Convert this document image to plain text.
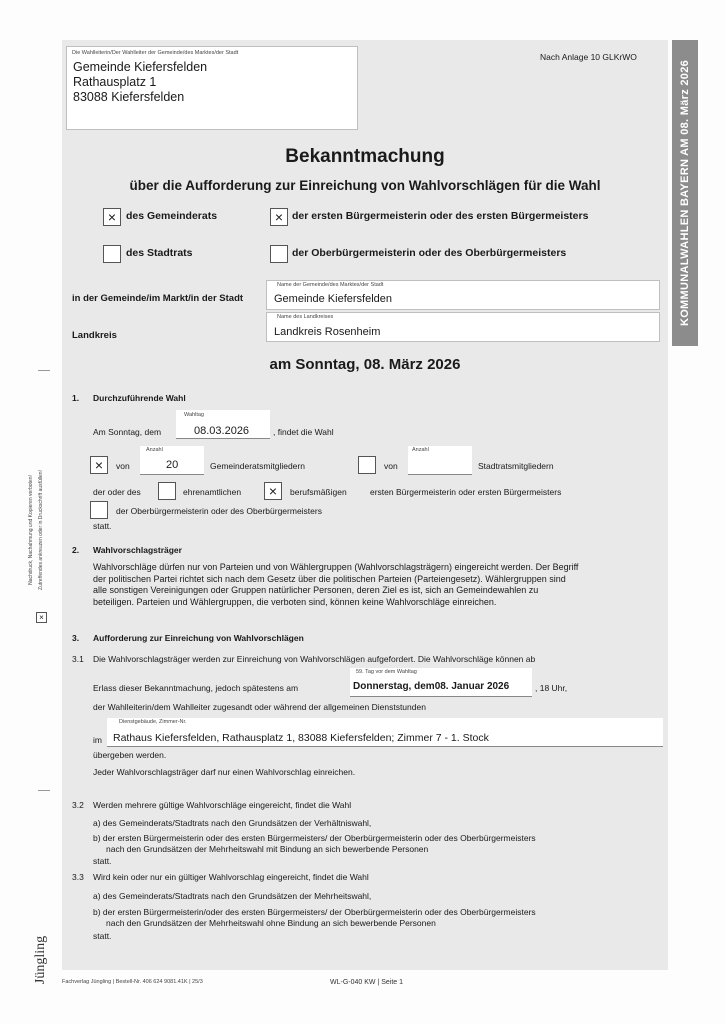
KOMMUNALWAHLEN BAYERN AM 08. März 2026
Nachdruck, Nachahmung und Kopieren verboten! Zutreffendes ankreuzen oder in Druckschrift ausfüllen!
×
Die Wahlleiterin/Der Wahlleiter der Gemeinde/des Marktes/der Stadt
Gemeinde Kiefersfelden
Rathausplatz 1
83088 Kiefersfelden
Nach Anlage 10 GLKrWO
Bekanntmachung
über die Aufforderung zur Einreichung von Wahlvorschlägen für die Wahl
× des Gemeinderats	× der ersten Bürgermeisterin oder des ersten Bürgermeisters
des Stadtrats	der Oberbürgermeisterin oder des Oberbürgermeisters
in der Gemeinde/im Markt/in der Stadt
Name der Gemeinde/des Marktes/der Stadt
Gemeinde Kiefersfelden
Landkreis
Name des Landkreises
Landkreis Rosenheim
am Sonntag, 08. März 2026
1. Durchzuführende Wahl
Am Sonntag, dem
Wahltag
08.03.2026	, findet die Wahl
×	von
Anzahl
20	Gemeinderatsmitgliedern	von
Anzahl
Stadtratsmitgliedern
der oder des	ehrenamtlichen	×	berufsmäßigen	ersten Bürgermeisterin oder ersten Bürgermeisters
der Oberbürgermeisterin oder des Oberbürgermeisters
statt.
2. Wahlvorschlagsträger
Wahlvorschläge dürfen nur von Parteien und von Wählergruppen (Wahlvorschlagsträgern) eingereicht werden. Der Begriff
der politischen Partei richtet sich nach dem Gesetz über die politischen Parteien (Parteiengesetz). Wählergruppen sind
alle sonstigen Vereinigungen oder Gruppen natürlicher Personen, deren Ziel es ist, sich an Gemeindewahlen zu
beteiligen. Parteien und Wählergruppen, die verboten sind, können keine Wahlvorschläge einreichen.
3. Aufforderung zur Einreichung von Wahlvorschlägen
3.1 Die Wahlvorschlagsträger werden zur Einreichung von Wahlvorschlägen aufgefordert. Die Wahlvorschläge können ab
Erlass dieser Bekanntmachung, jedoch spätestens am
59. Tag vor dem Wahltag
Donnerstag, dem08. Januar 2026	, 18 Uhr,
der Wahlleiterin/dem Wahlleiter zugesandt oder während der allgemeinen Dienststunden
im
Dienstgebäude, Zimmer-Nr.
Rathaus Kiefersfelden, Rathausplatz 1, 83088 Kiefersfelden; Zimmer 7 - 1. Stock
übergeben werden.
Jeder Wahlvorschlagsträger darf nur einen Wahlvorschlag einreichen.
3.2 Werden mehrere gültige Wahlvorschläge eingereicht, findet die Wahl
a) des Gemeinderats/Stadtrats nach den Grundsätzen der Verhältniswahl,
b) der ersten Bürgermeisterin oder des ersten Bürgermeisters/ der Oberbürgermeisterin oder des Oberbürgermeisters
nach den Grundsätzen der Mehrheitswahl mit Bindung an sich bewerbende Personen
statt.
3.3 Wird kein oder nur ein gültiger Wahlvorschlag eingereicht, findet die Wahl
a) des Gemeinderats/Stadtrats nach den Grundsätzen der Mehrheitswahl,
b) der ersten Bürgermeisterin/oder des ersten Bürgermeisters/ der Oberbürgermeisterin oder des Oberbürgermeisters
nach den Grundsätzen der Mehrheitswahl ohne Bindung an sich bewerbende Personen
statt.
Jüngling	Fachverlag Jüngling | Bestell-Nr. 406 624 9081.41K | 25/3	WL-G-040 KW | Seite 1
